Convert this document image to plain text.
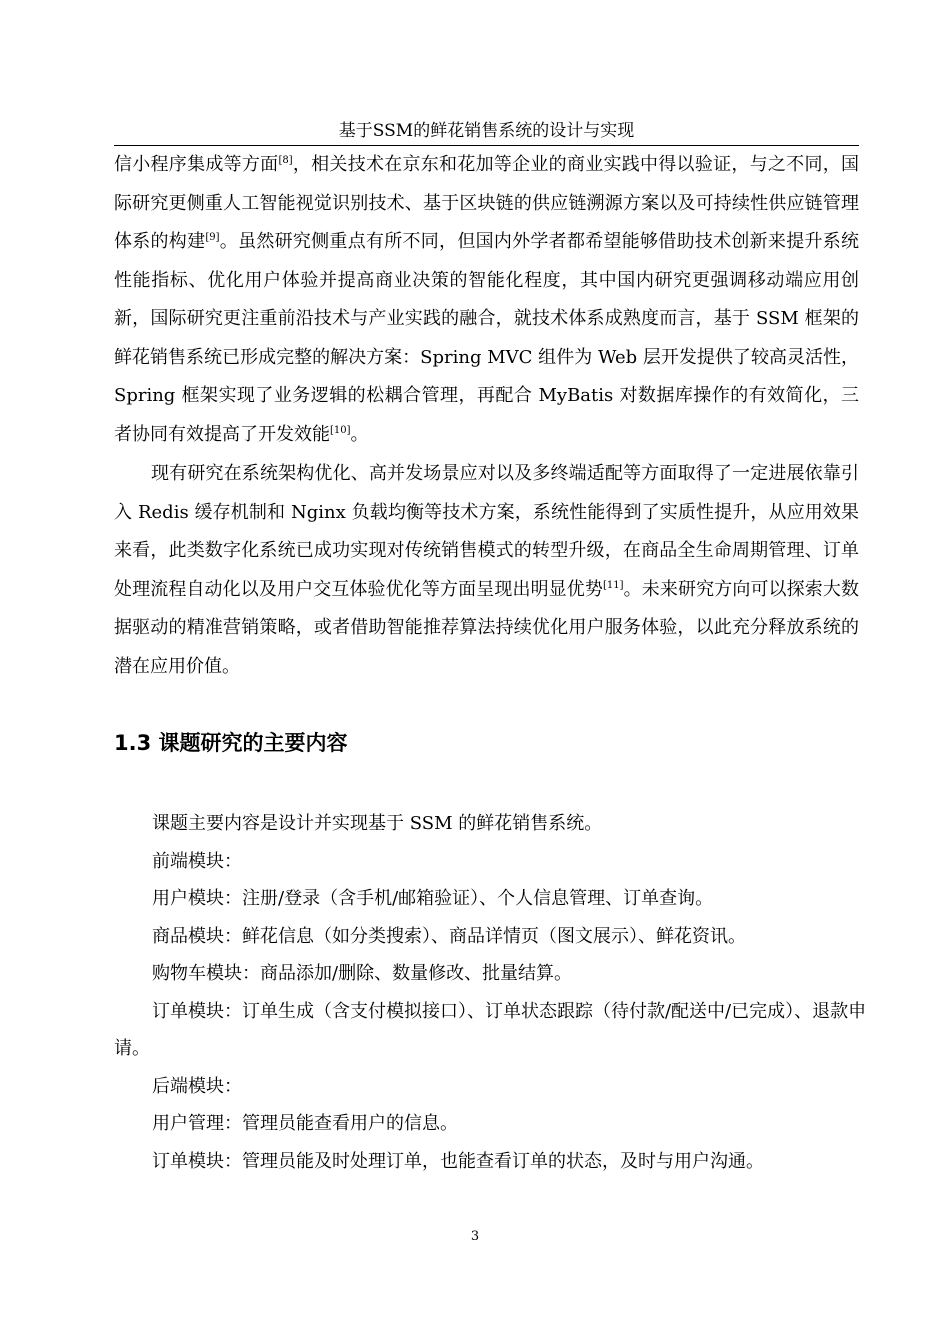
基于SSM的鲜花销售系统的设计与实现

信小程序集成等方面[8]，相关技术在京东和花加等企业的商业实践中得以验证，与之不同，国际研究更侧重人工智能视觉识别技术、基于区块链的供应链溯源方案以及可持续性供应链管理体系的构建[9]。虽然研究侧重点有所不同，但国内外学者都希望能够借助技术创新来提升系统性能指标、优化用户体验并提高商业决策的智能化程度，其中国内研究更强调移动端应用创新，国际研究更注重前沿技术与产业实践的融合，就技术体系成熟度而言，基于 SSM 框架的鲜花销售系统已形成完整的解决方案：Spring MVC 组件为 Web 层开发提供了较高灵活性，Spring 框架实现了业务逻辑的松耦合管理，再配合 MyBatis 对数据库操作的有效简化，三者协同有效提高了开发效能[10]。

现有研究在系统架构优化、高并发场景应对以及多终端适配等方面取得了一定进展依靠引入 Redis 缓存机制和 Nginx 负载均衡等技术方案，系统性能得到了实质性提升，从应用效果来看，此类数字化系统已成功实现对传统销售模式的转型升级，在商品全生命周期管理、订单处理流程自动化以及用户交互体验优化等方面呈现出明显优势[11]。未来研究方向可以探索大数据驱动的精准营销策略，或者借助智能推荐算法持续优化用户服务体验，以此充分释放系统的潜在应用价值。

1.3 课题研究的主要内容

课题主要内容是设计并实现基于 SSM 的鲜花销售系统。

前端模块：

用户模块：注册/登录（含手机/邮箱验证）、个人信息管理、订单查询。

商品模块：鲜花信息（如分类搜索）、商品详情页（图文展示）、鲜花资讯。

购物车模块：商品添加/删除、数量修改、批量结算。

订单模块：订单生成（含支付模拟接口）、订单状态跟踪（待付款/配送中/已完成）、退款申请。

后端模块：

用户管理：管理员能查看用户的信息。

订单模块：管理员能及时处理订单，也能查看订单的状态，及时与用户沟通。

3
